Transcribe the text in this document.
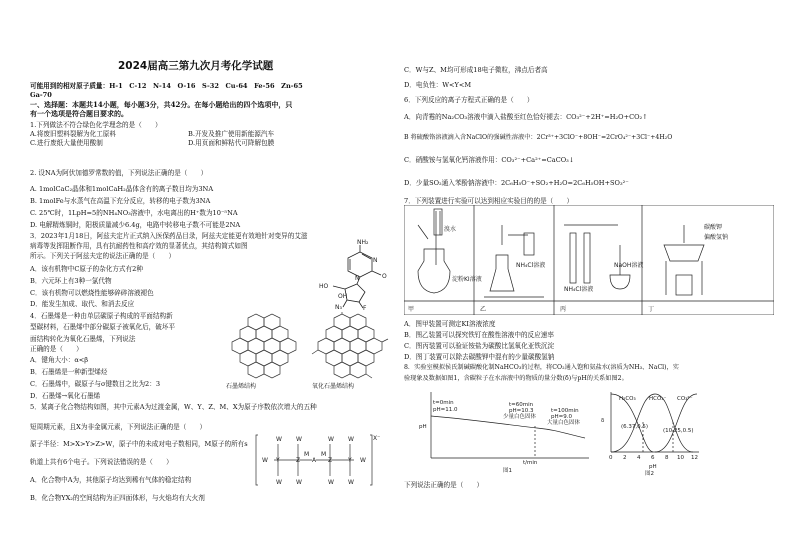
2024届高三第九次月考化学试题
可能用到的相对原子质量：H-1　C-12　N-14　O-16　S-32　Cu-64　Fe-56　Zn-65
Ga-70
一、选择题：本题共14小题，每小题3分，共42分。在每小题给出的四个选项中，只
有一个选项是符合题目要求的。
1.下列做法不符合绿色化学理念的是（　　）
A.将废旧塑料裂解为化工原料	B.开发及推广使用新能源汽车
C.进行废纸大量使用酸制	D.用页面和鲜粘代可降解包膜
2. 设NA为阿伏加德罗常数的值，下列说法正确的是（　　）
A. 1molCaC₂晶体和1molCaH₂晶体含有的离子数目均为3NA
B. 1molFe与水蒸气在高温下充分反应，转移的电子数为3NA
C. 25℃时，1LpH=5的NH₄NO₃溶液中，水电离出的H⁺数为10⁻⁵NA
D. 电解精炼铜时，阳极质量减少6.4g，电路中转移电子数不可能是2NA
3．2023年1月18日，阿兹夫定片正式纳入医保药品目录，阿兹夫定能更有效地针对变异的艾滋
病毒等发挥阻断作用，具有抗耐药性和高疗效的显著优点，其结构简式如图
所示。下列关于阿兹夫定的说法正确的是（　　）
A．该有机物中C原子的杂化方式有2种
B．六元环上有3种一氯代物
C．该有机物可以燃烧性能够碎碎溶液褪色
D．能发生加成、取代、和消去反应
NH₂
N
O
HO
N₃	F
OH
N
4．石墨烯是一种由单层碳原子构成的平面结构新
型碳材料，石墨烯中部分碳原子被氧化后，破坏平
面结构转化为氧化石墨烯，下列说法
正确的是（　　）
A．键角大小：α<β
B．石墨烯是一种新型烯烃
C．石墨烯中，碳原子与σ键数目之比为2：3
D．石墨烯→氧化石墨烯
石墨烯结构	氧化石墨烯结构
5．某离子化合物结构如图，其中元素A为过渡金属，W、Y、Z、M、X为原子序数依次增大的五种
短周期元素，且X为非金属元素，下列说法正确的是（　　）
原子半径：M>X>Y>Z>W，原子中的未成对电子数相同，M原子的所有s
轨道上共有6个电子。下列说法错误的是（　　）
A．化合物中A为，其他原子均达到稀有气体的稳定结构
B．化合物YX₂的空间结构为正四面体形，与火焰均有大火剂
W W	W W
W Y	Z
M
A
M
Z	Y W
W W	W W
X⁻
C．W与Z、M均可形成18电子微粒，沸点后者高
D．电负性：W<Y<M
6．下列反应的离子方程式正确的是（　　）
A．向青霉的Na₂CO₃溶液中滴入盐酸至红色恰好褪去：CO₃²⁻+2H⁺=H₂O+CO₂↑
B 将硫酸铬溶液滴入含NaClO的强碱性溶液中：2Cr³⁺+3ClO⁻+8OH⁻=2CrO₄²⁻+3Cl⁻+4H₂O
C．硝酸铵与氢氧化钙溶液作用：CO₃²⁻+Ca²⁺=CaCO₃↓
D．少量SO₂通入苯酚钠溶液中：2C₆H₅O⁻+SO₂+H₂O=2C₆H₅OH+SO₃²⁻
7．下列装置进行实验可以达到相应实验目的的是（　　）
溴水
淀粉KI溶液
NH₄Cl溶液
NH₄Cl溶液
NaOH溶液
碳酸钾
偏酸氢钠
甲	乙	丙	丁
A．图甲装置可测定KI溶液浓度
B．图乙装置可以探究铁钉在酸性溶液中的反应速率
C．图丙装置可以验证铵盐为碳酸比氢氧化亚铁沉淀
D．图丁装置可以除去碳酸钾中混有的少量碳酸氢钠
8．实验室模拟侯氏制碱碳酸化制NaHCO₃的过程，将CO₂通入饱和氨盐水(溶质为NH₃、NaCl)，实
验现象及数据如图1，含碳粒子在水溶液中的物质的量分数(δ)与pH的关系如图2。
pH
t=0min
pH=11.0
t=60min
pH=10.3
少量白色固体
t=100min
pH=9.0
大量白色固体
t/min
图1
δ
H₂CO₃ HCO₃⁻ CO₃²⁻
(6.37,0.5)
(10.25,0.5)
pH
图2
0 2 4 6 8 10 12
下列说法正确的是（　　）
